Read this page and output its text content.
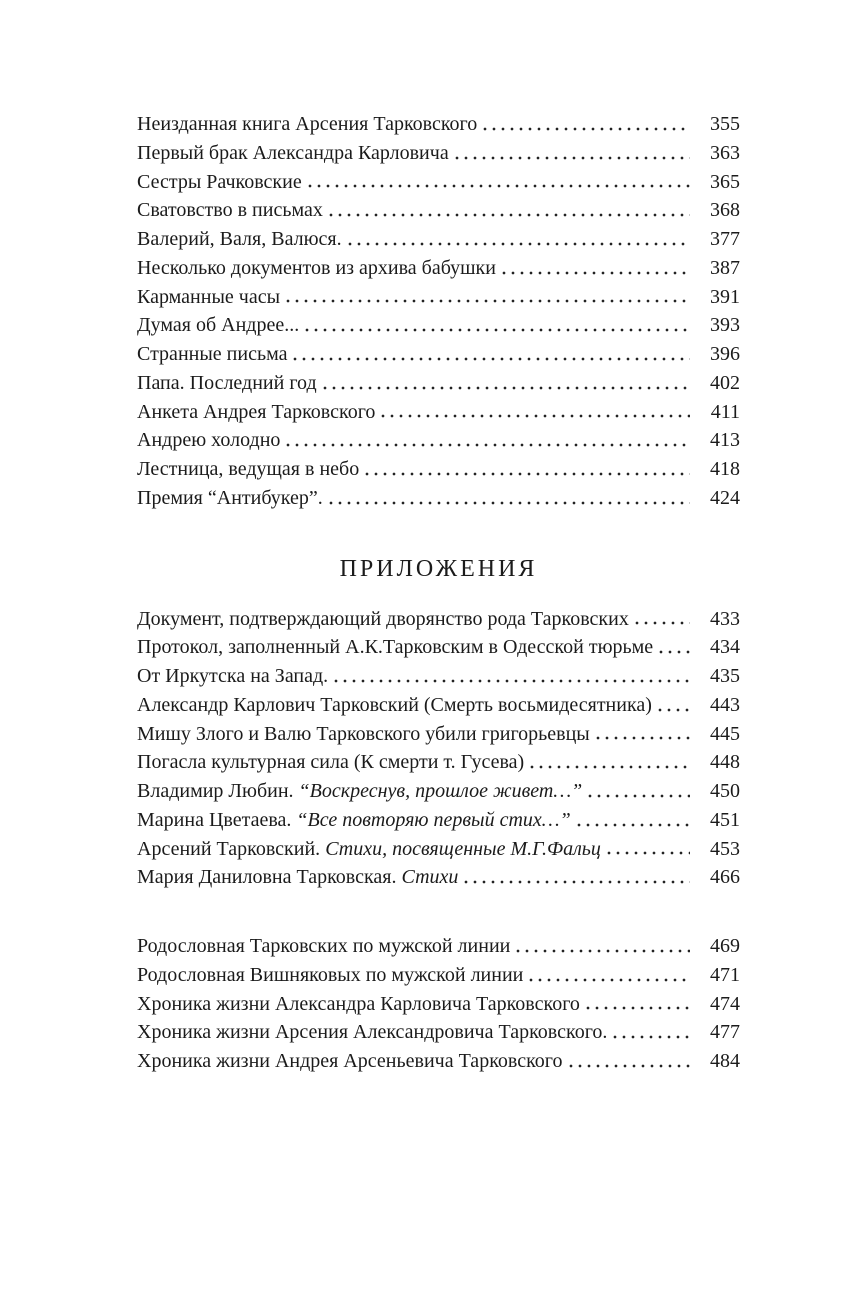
Неизданная книга Арсения Тарковского	355
Первый брак Александра Карловича	363
Сестры Рачковские	365
Сватовство в письмах	368
Валерий, Валя, Валюся.	377
Несколько документов из архива бабушки	387
Карманные часы	391
Думая об Андрее...	393
Странные письма	396
Папа. Последний год	402
Анкета Андрея Тарковского	411
Андрею холодно	413
Лестница, ведущая в небо	418
Премия “Антибукер”.	424
ПРИЛОЖЕНИЯ
Документ, подтверждающий дворянство рода Тарковских	433
Протокол, заполненный А.К.Тарковским в Одесской тюрьме	434
От Иркутска на Запад.	435
Александр Карлович Тарковский (Смерть восьмидесятника)	443
Мишу Злого и Валю Тарковского убили григорьевцы	445
Погасла культурная сила (К смерти т. Гусева)	448
Владимир Любин. “Воскреснув, прошлое живет…”	450
Марина Цветаева. “Все повторяю первый стих…”	451
Арсений Тарковский. Стихи, посвященные М.Г.Фальц	453
Мария Даниловна Тарковская. Стихи	466
Родословная Тарковских по мужской линии	469
Родословная Вишняковых по мужской линии	471
Хроника жизни Александра Карловича Тарковского	474
Хроника жизни Арсения Александровича Тарковского.	477
Хроника жизни Андрея Арсеньевича Тарковского	484
